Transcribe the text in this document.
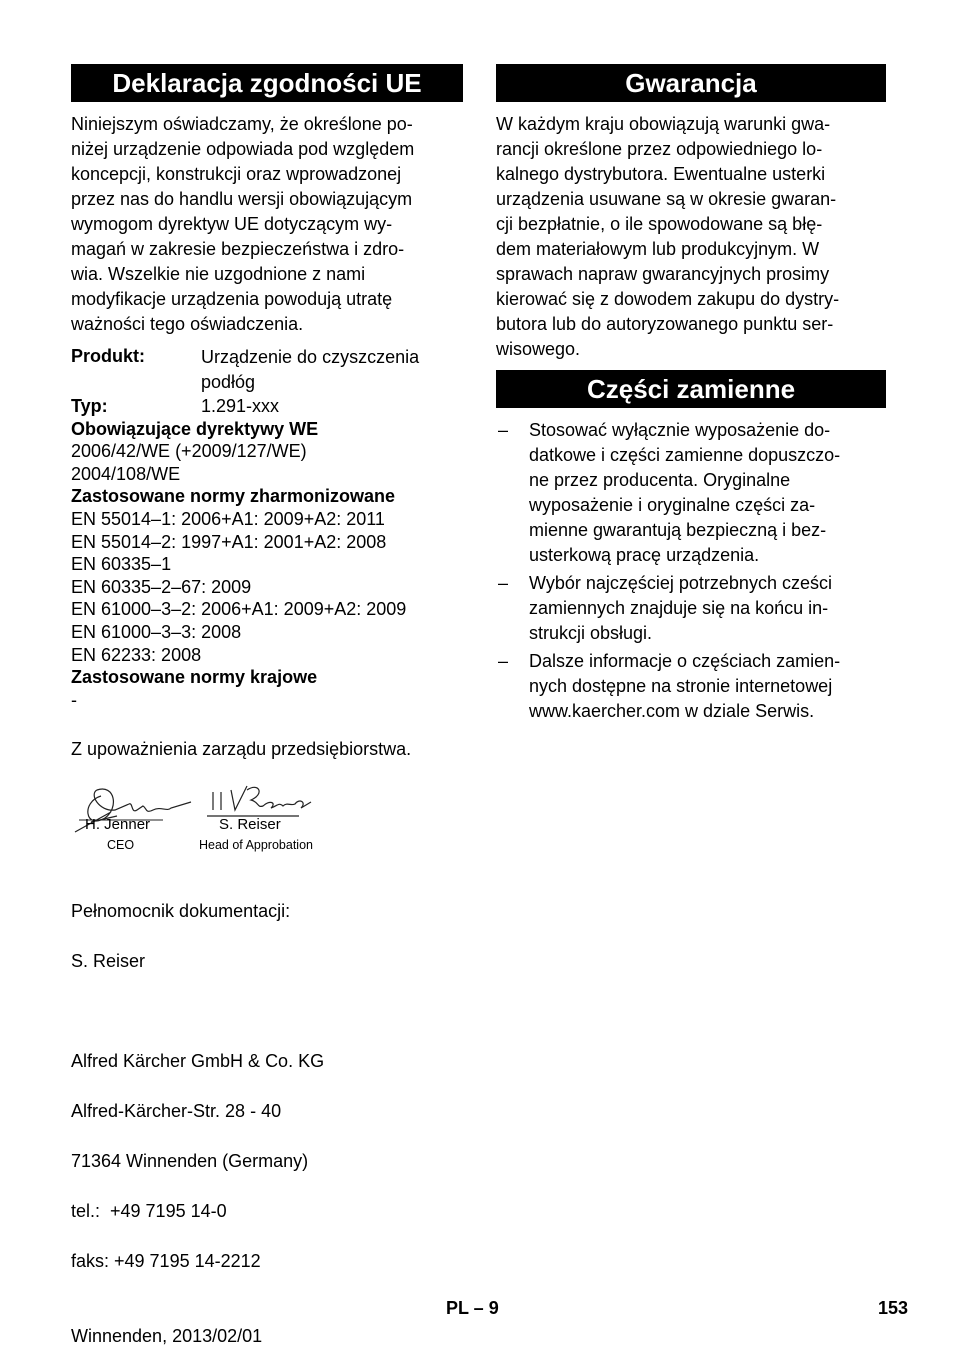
Deklaracja zgodności UE

Niniejszym oświadczamy, że określone po-
niżej urządzenie odpowiada pod względem
koncepcji, konstrukcji oraz wprowadzonej
przez nas do handlu wersji obowiązującym
wymogom dyrektyw UE dotyczącym wy-
magań w zakresie bezpieczeństwa i zdro-
wia. Wszelkie nie uzgodnione z nami
modyfikacje urządzenia powodują utratę
ważności tego oświadczenia.

Produkt:	Urządzenie do czyszczenia
podłóg
Typ:	1.291-xxx
Obowiązujące dyrektywy WE
2006/42/WE (+2009/127/WE)
2004/108/WE
Zastosowane normy zharmonizowane
EN 55014–1: 2006+A1: 2009+A2: 2011
EN 55014–2: 1997+A1: 2001+A2: 2008
EN 60335–1
EN 60335–2–67: 2009
EN 61000–3–2: 2006+A1: 2009+A2: 2009
EN 61000–3–3: 2008
EN 62233: 2008
Zastosowane normy krajowe
-

Z upoważnienia zarządu przedsiębiorstwa.

H. Jenner
CEO
S. Reiser
Head of Approbation

Pełnomocnik dokumentacji:

S. Reiser

Alfred Kärcher GmbH & Co. KG

Alfred-Kärcher-Str. 28 - 40

71364 Winnenden (Germany)

tel.:  +49 7195 14-0

faks: +49 7195 14-2212

Winnenden, 2013/02/01

Gwarancja

W każdym kraju obowiązują warunki gwa-
rancji określone przez odpowiedniego lo-
kalnego dystrybutora. Ewentualne usterki
urządzenia usuwane są w okresie gwaran-
cji bezpłatnie, o ile spowodowane są błę-
dem materiałowym lub produkcyjnym. W
sprawach napraw gwarancyjnych prosimy
kierować się z dowodem zakupu do dystry-
butora lub do autoryzowanego punktu ser-
wisowego.

Części zamienne
– Stosować wyłącznie wyposażenie do-
datkowe i części zamienne dopuszczo-
ne przez producenta. Oryginalne
wyposażenie i oryginalne części za-
mienne gwarantują bezpieczną i bez-
usterkową pracę urządzenia.
– Wybór najczęściej potrzebnych cześci
zamiennych znajduje się na końcu in-
strukcji obsługi.
– Dalsze informacje o częściach zamien-
nych dostępne na stronie internetowej
www.kaercher.com w dziale Serwis.
PL – 9	153
